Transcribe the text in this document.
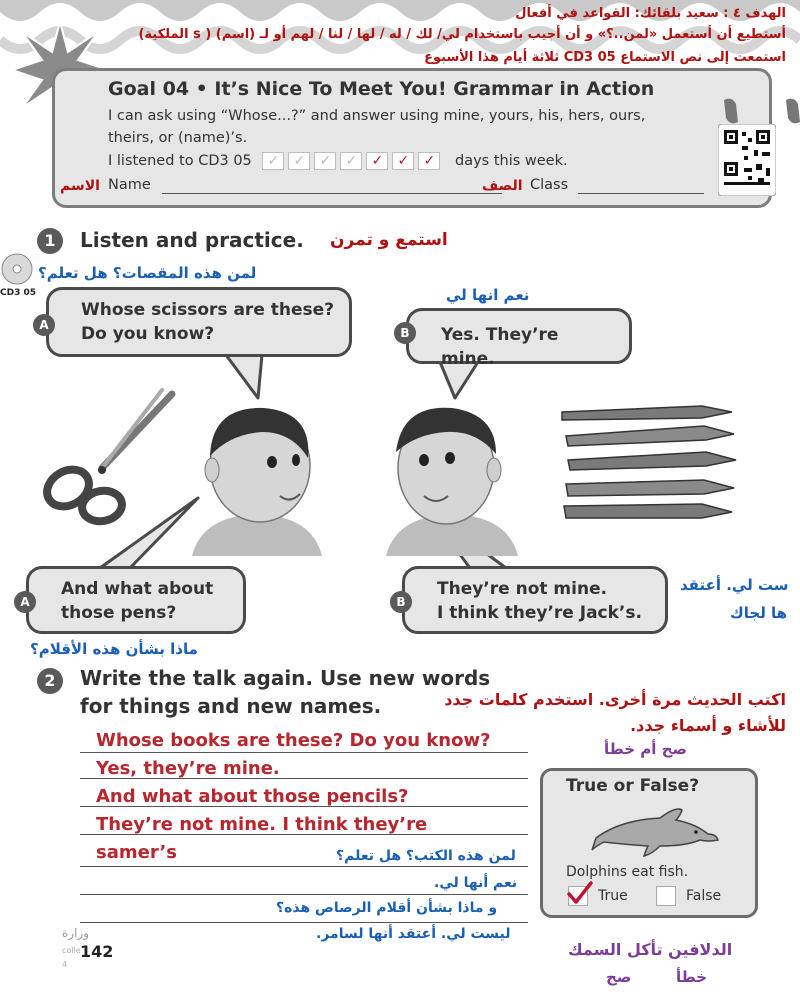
الهدف ٤ : سعيد بلقائك: القواعد في أفعال
أستطيع أن أستعمل «لمن..؟» و أن أجيب باستخدام لي/ لك / له / لها / لنا / لهم أو لـ (اسم) ( s الملكية)
استمعت إلى نص الاستماع CD3 05 ثلاثة أيام هذا الأسبوع
Goal 04 • It’s Nice To Meet You! Grammar in Action
I can ask using “Whose...?” and answer using mine, yours, his, hers, ours,
theirs, or (name)’s.
I listened to CD3 05 ✓ ✓ ✓ ✓ ✓ ✓ ✓ days this week.
الاسم Name	الصف Class
1	Listen and practice. استمع و تمرن
CD3 05
لمن هذه المقصات؟ هل تعلم؟
Whose scissors are these?
Do you know?
A
نعم انها لي
Yes. They’re mine.
B
And what about
those pens?
A
ماذا بشأن هذه الأقلام؟
They’re not mine.
I think they’re Jack’s.
B
ست لي. أعتقد
ها لجاك
2	Write the talk again. Use new words
for things and new names.	اكتب الحديث مرة أخرى. استخدم كلمات جدد
للأشاء و أسماء جدد.
Whose books are these? Do you know?
Yes, they’re mine.
And what about those pencils?
They’re not mine. I think they’re
samer’s	لمن هذه الكتب؟ هل تعلم؟
نعم أنها لي.
و ماذا بشأن أقلام الرصاص هذه؟
ليست لي. أعتقد أنها لسامر.
صح أم خطأ
True or False?
Dolphins eat fish.
True	False
الدلافين تأكل السمك
خطأ
صح
وزارة
142
colle
4
